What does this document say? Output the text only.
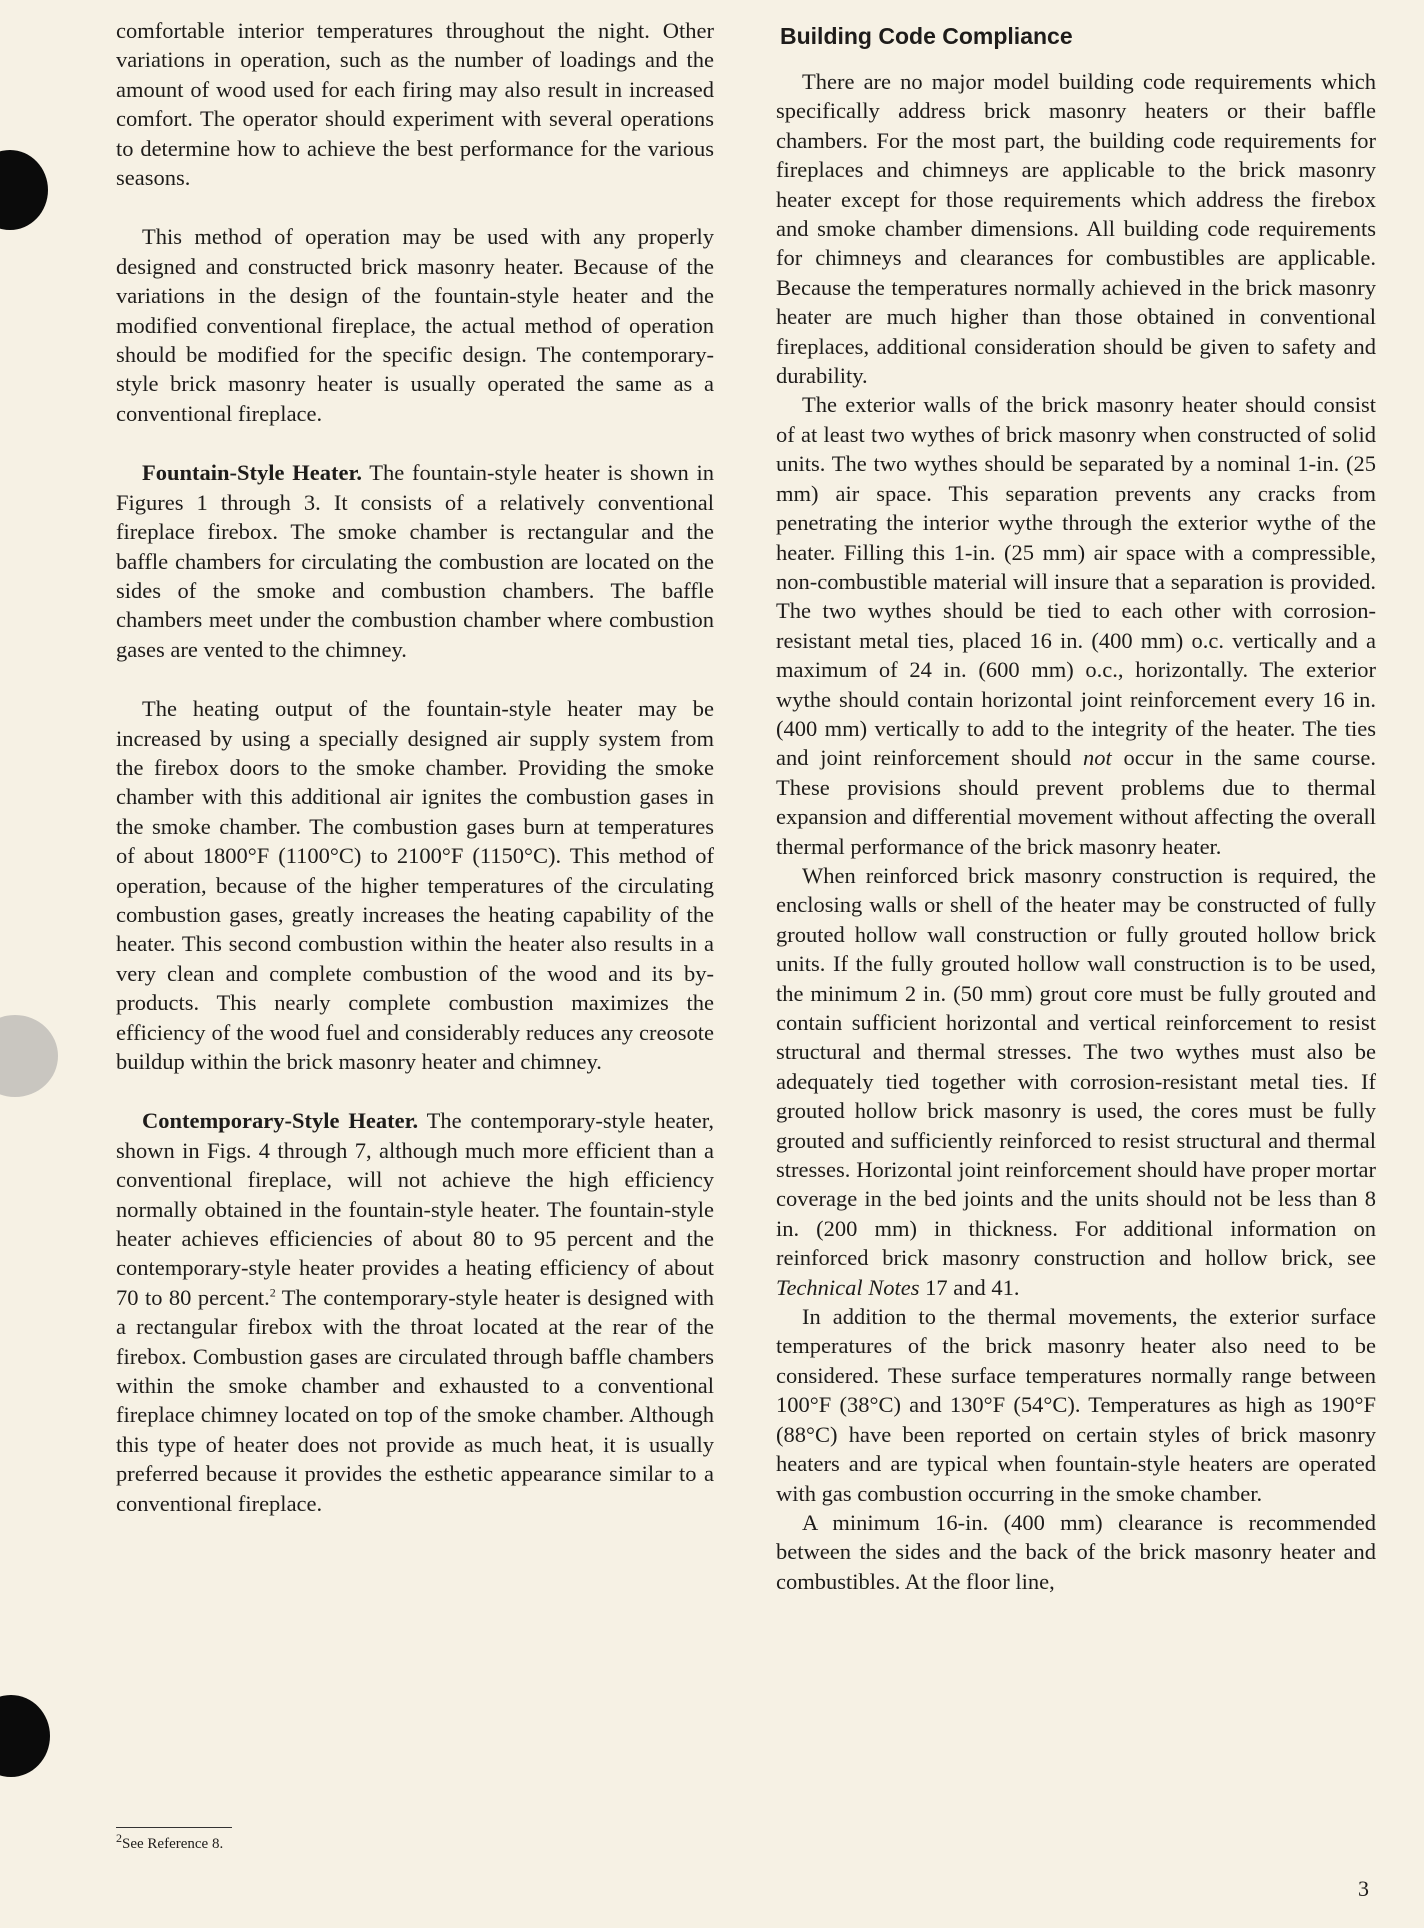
comfortable interior temperatures throughout the night. Other variations in operation, such as the number of loadings and the amount of wood used for each firing may also result in increased comfort. The operator should experiment with several operations to determine how to achieve the best performance for the various seasons.

This method of operation may be used with any properly designed and constructed brick masonry heater. Because of the variations in the design of the fountain-style heater and the modified conventional fireplace, the actual method of operation should be modified for the specific design. The contemporary-style brick masonry heater is usually operated the same as a conventional fireplace.

Fountain-Style Heater. The fountain-style heater is shown in Figures 1 through 3. It consists of a relatively conventional fireplace firebox. The smoke chamber is rectangular and the baffle chambers for circulating the combustion are located on the sides of the smoke and combustion chambers. The baffle chambers meet under the combustion chamber where combustion gases are vented to the chimney.

The heating output of the fountain-style heater may be increased by using a specially designed air supply system from the firebox doors to the smoke chamber. Providing the smoke chamber with this additional air ignites the combustion gases in the smoke chamber. The combustion gases burn at temperatures of about 1800°F (1100°C) to 2100°F (1150°C). This method of operation, because of the higher temperatures of the circulating combustion gases, greatly increases the heating capability of the heater. This second combustion within the heater also results in a very clean and complete combustion of the wood and its by-products. This nearly complete combustion maximizes the efficiency of the wood fuel and considerably reduces any creosote buildup within the brick masonry heater and chimney.

Contemporary-Style Heater. The contemporary-style heater, shown in Figs. 4 through 7, although much more efficient than a conventional fireplace, will not achieve the high efficiency normally obtained in the fountain-style heater. The fountain-style heater achieves efficiencies of about 80 to 95 percent and the contemporary-style heater provides a heating efficiency of about 70 to 80 percent.$^2$ The contemporary-style heater is designed with a rectangular firebox with the throat located at the rear of the firebox. Combustion gases are circulated through baffle chambers within the smoke chamber and exhausted to a conventional fireplace chimney located on top of the smoke chamber. Although this type of heater does not provide as much heat, it is usually preferred because it provides the esthetic appearance similar to a conventional fireplace.

Building Code Compliance

There are no major model building code requirements which specifically address brick masonry heaters or their baffle chambers. For the most part, the building code requirements for fireplaces and chimneys are applicable to the brick masonry heater except for those requirements which address the firebox and smoke chamber dimensions. All building code requirements for chimneys and clearances for combustibles are applicable. Because the temperatures normally achieved in the brick masonry heater are much higher than those obtained in conventional fireplaces, additional consideration should be given to safety and durability.

The exterior walls of the brick masonry heater should consist of at least two wythes of brick masonry when constructed of solid units. The two wythes should be separated by a nominal 1-in. (25 mm) air space. This separation prevents any cracks from penetrating the interior wythe through the exterior wythe of the heater. Filling this 1-in. (25 mm) air space with a compressible, non-combustible material will insure that a separation is provided. The two wythes should be tied to each other with corrosion-resistant metal ties, placed 16 in. (400 mm) o.c. vertically and a maximum of 24 in. (600 mm) o.c., horizontally. The exterior wythe should contain horizontal joint reinforcement every 16 in. (400 mm) vertically to add to the integrity of the heater. The ties and joint reinforcement should not occur in the same course. These provisions should prevent problems due to thermal expansion and differential movement without affecting the overall thermal performance of the brick masonry heater.

When reinforced brick masonry construction is required, the enclosing walls or shell of the heater may be constructed of fully grouted hollow wall construction or fully grouted hollow brick units. If the fully grouted hollow wall construction is to be used, the minimum 2 in. (50 mm) grout core must be fully grouted and contain sufficient horizontal and vertical reinforcement to resist structural and thermal stresses. The two wythes must also be adequately tied together with corrosion-resistant metal ties. If grouted hollow brick masonry is used, the cores must be fully grouted and sufficiently reinforced to resist structural and thermal stresses. Horizontal joint reinforcement should have proper mortar coverage in the bed joints and the units should not be less than 8 in. (200 mm) in thickness. For additional information on reinforced brick masonry construction and hollow brick, see Technical Notes 17 and 41.

In addition to the thermal movements, the exterior surface temperatures of the brick masonry heater also need to be considered. These surface temperatures normally range between 100°F (38°C) and 130°F (54°C). Temperatures as high as 190°F (88°C) have been reported on certain styles of brick masonry heaters and are typical when fountain-style heaters are operated with gas combustion occurring in the smoke chamber.

A minimum 16-in. (400 mm) clearance is recommended between the sides and the back of the brick masonry heater and combustibles. At the floor line,

$^2$See Reference 8.
3
